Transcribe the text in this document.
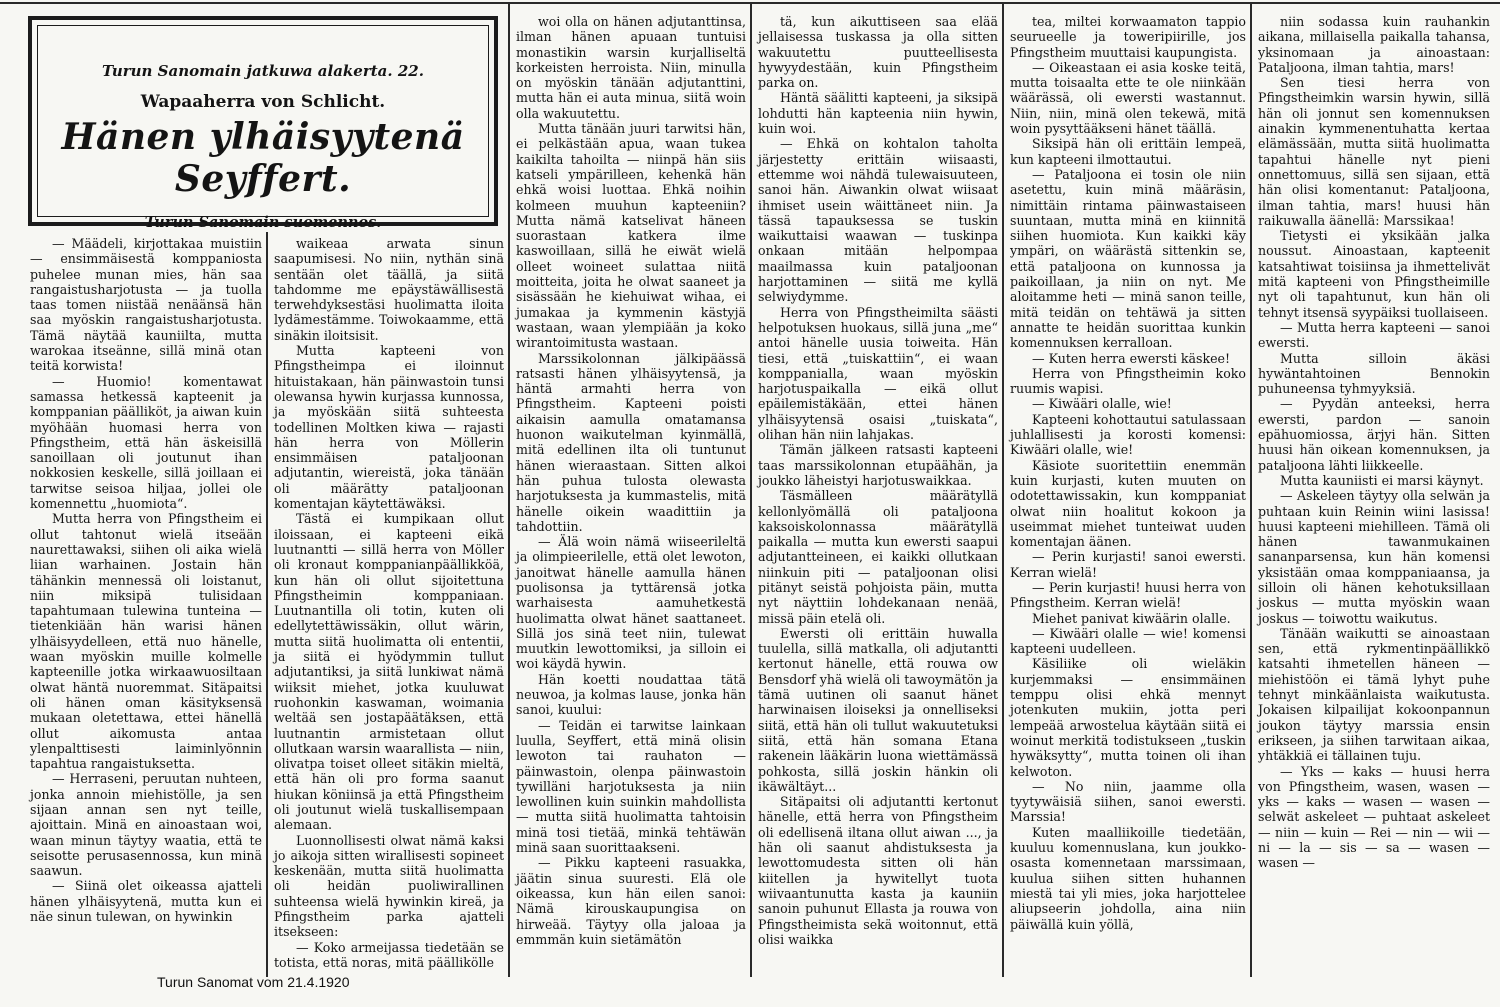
Turun Sanomain jatkuwa alakerta. 22.
Wapaaherra von Schlicht.
Hänen ylhäisyytenä Seyffert.
Turun Sanomain suomennos.

— Määdeli, kirjottakaa muistiin — ensimmäisestä komppaniosta puhelee munan mies, hän saa rangaistusharjotusta — ja tuolla taas tomen niistää nenäänsä hän saa myöskin rangaistusharjotusta. Tämä näytää kauniilta, mutta warokaa itseänne, sillä minä otan teitä korwista!

— Huomio! komentawat samassa hetkessä kapteenit ja komppanian päälliköt, ja aiwan kuin myöhään huomasi herra von Pfingstheim, että hän äskeisillä sanoillaan oli joutunut ihan nokkosien keskelle, sillä joillaan ei tarwitse seisoa hiljaa, jollei ole komennettu „huomiota“.

Mutta herra von Pfingstheim ei ollut tahtonut wielä itseään naurettawaksi, siihen oli aika wielä liian warhainen. Jostain hän tähänkin mennessä oli loistanut, niin miksipä tulisidaan tapahtumaan tulewina tunteina — tietenkiään hän warisi hänen ylhäisyydelleen, että nuo hänelle, waan myöskin muille kolmelle kapteenille jotka wirkaawuosiltaan olwat häntä nuoremmat. Sitäpaitsi oli hänen oman käsityksensä mukaan oletettawa, ettei hänellä ollut aikomusta antaa ylenpalttisesti laiminlyönnin tapahtua rangaistuksetta.

— Herraseni, peruutan nuhteen, jonka annoin miehistölle, ja sen sijaan annan sen nyt teille, ajoittain. Minä en ainoastaan woi, waan minun täytyy waatia, että te seisotte perusasennossa, kun minä saawun.

— Siinä olet oikeassa ajatteli hänen ylhäisyytenä, mutta kun ei näe sinun tulewan, on hywinkin

waikeaa arwata sinun saapumisesi. No niin, nythän sinä sentään olet täällä, ja siitä tahdomme me epäystäwällisestä terwehdyksestäsi huolimatta iloita lydämestämme. Toiwokaamme, että sinäkin iloitsisit.

Mutta kapteeni von Pfingstheimpa ei iloinnut hituistakaan, hän päinwastoin tunsi olewansa hywin kurjassa kunnossa, ja myöskään siitä suhteesta todellinen Moltken kiwa — rajasti hän herra von Möllerin ensimmäisen pataljoonan adjutantin, wiereistä, joka tänään oli määrätty pataljoonan komentajan käytettäwäksi.

Tästä ei kumpikaan ollut iloissaan, ei kapteeni eikä luutnantti — sillä herra von Möller oli kronaut komppanianpäällikköä, kun hän oli ollut sijoitettuna Pfingstheimin komppaniaan. Luutnantilla oli totin, kuten oli edellytettäwissäkin, ollut wärin, mutta siitä huolimatta oli ententii, ja siitä ei hyödymmin tullut adjutantiksi, ja siitä lunkiwat nämä wiiksit miehet, jotka kuuluwat ruohonkin kaswaman, woimania weltää sen jostapäätäksen, että luutnantin armistetaan ollut ollutkaan warsin waarallista — niin, olivatpa toiset olleet sitäkin mieltä, että hän oli pro forma saanut hiukan köniinsä ja että Pfingstheim oli joutunut wielä tuskallisempaan alemaan.

Luonnollisesti olwat nämä kaksi jo aikoja sitten wirallisesti sopineet keskenään, mutta siitä huolimatta oli heidän puoliwirallinen suhteensa wielä hywinkin kireä, ja Pfingstheim parka ajatteli itsekseen:

— Koko armeijassa tiedetään se totista, että noras, mitä päällikölle

woi olla on hänen adjutanttinsa, ilman hänen apuaan tuntuisi monastikin warsin kurjalliseltä korkeisten herroista. Niin, minulla on myöskin tänään adjutanttini, mutta hän ei auta minua, siitä woin olla wakuutettu.

Mutta tänään juuri tarwitsi hän, ei pelkästään apua, waan tukea kaikilta tahoilta — niinpä hän siis katseli ympärilleen, kehenkä hän ehkä woisi luottaa. Ehkä noihin kolmeen muuhun kapteeniin? Mutta nämä katselivat häneen suorastaan katkera ilme kaswoillaan, sillä he eiwät wielä olleet woineet sulattaa niitä moitteita, joita he olwat saaneet ja sisässään he kiehuiwat wihaa, ei jumakaa ja kymmenin kästyjä wastaan, waan ylempiään ja koko wirantoimitusta wastaan.

Marssikolonnan jälkipäässä ratsasti hänen ylhäisyytensä, ja häntä armahti herra von Pfingstheim. Kapteeni poisti aikaisin aamulla omatamansa huonon waikutelman kyinmällä, mitä edellinen ilta oli tuntunut hänen wieraastaan. Sitten alkoi hän puhua tulosta olewasta harjotuksesta ja kummastelis, mitä hänelle oikein waadittiin ja tahdottiin.

— Älä woin nämä wiiseerileltä ja olimpieerilelle, että olet lewoton, janoitwat hänelle aamulla hänen puolisonsa ja tyttärensä jotka warhaisesta aamuhetkestä huolimatta olwat hänet saattaneet. Sillä jos sinä teet niin, tulewat muutkin lewottomiksi, ja silloin ei woi käydä hywin.

Hän koetti noudattaa tätä neuwoa, ja kolmas lause, jonka hän sanoi, kuului:

— Teidän ei tarwitse lainkaan luulla, Seyffert, että minä olisin lewoton tai rauhaton — päinwastoin, olenpa päinwastoin tywilläni harjotuksesta ja niin lewollinen kuin suinkin mahdollista — mutta siitä huolimatta tahtoisin minä tosi tietää, minkä tehtäwän minä saan suorittaakseni.

— Pikku kapteeni rasuakka, jäätin sinua suuresti. Elä ole oikeassa, kun hän eilen sanoi: Nämä kirouskaupungisa on hirweää. Täytyy olla jaloaa ja emmmän kuin sietämätön

tä, kun aikuttiseen saa elää jellaisessa tuskassa ja olla sitten wakuutettu puutteellisesta hywyydestään, kuin Pfingstheim parka on.

Häntä säälitti kapteeni, ja siksipä lohdutti hän kapteenia niin hywin, kuin woi.

— Ehkä on kohtalon taholta järjestetty erittäin wiisaasti, ettemme woi nähdä tulewaisuuteen, sanoi hän. Aiwankin olwat wiisaat ihmiset usein wäittäneet niin. Ja tässä tapauksessa se tuskin waikuttaisi waawan — tuskinpa onkaan mitään helpompaa maailmassa kuin pataljoonan harjottaminen — siitä me kyllä selwiydymme.

Herra von Pfingstheimilta säästi helpotuksen huokaus, sillä juna „me“ antoi hänelle uusia toiweita. Hän tiesi, että „tuiskattiin“, ei waan komppanialla, waan myöskin harjotuspaikalla — eikä ollut epäilemistäkään, ettei hänen ylhäisyytensä osaisi „tuiskata“, olihan hän niin lahjakas.

Tämän jälkeen ratsasti kapteeni taas marssikolonnan etupäähän, ja joukko läheistyi harjotuswaikkaa.

Täsmälleen määrätyllä kellonlyömällä oli pataljoona kaksoiskolonnassa määrätyllä paikalla — mutta kun ewersti saapui adjutantteineen, ei kaikki ollutkaan niinkuin piti — pataljoonan olisi pitänyt seistä pohjoista päin, mutta nyt näyttiin lohdekanaan nenää, missä päin etelä oli.

Ewersti oli erittäin huwalla tuulella, sillä matkalla, oli adjutantti kertonut hänelle, että rouwa ow Bensdorf yhä wielä oli tawoymätön ja tämä uutinen oli saanut hänet harwinaisen iloiseksi ja onnelliseksi siitä, että hän oli tullut wakuutetuksi siitä, että hän somana Etana rakenein lääkärin luona wiettämässä pohkosta, sillä joskin hänkin oli ikäwältäyt...

Sitäpaitsi oli adjutantti kertonut hänelle, että herra von Pfingstheim oli edellisenä iltana ollut aiwan ..., ja hän oli saanut ahdistuksesta ja lewottomudesta sitten oli hän kiitellen ja hywitellyt tuota wiivaantunutta kasta ja kauniin sanoin puhunut Ellasta ja rouwa von Pfingstheimista sekä woitonnut, että olisi waikka

tea, miltei korwaamaton tappio seurueelle ja toweripiirille, jos Pfingstheim muuttaisi kaupungista.

— Oikeastaan ei asia koske teitä, mutta toisaalta ette te ole niinkään wäärässä, oli ewersti wastannut. Niin, niin, minä olen tekewä, mitä woin pysyttääkseni hänet täällä.

Siksipä hän oli erittäin lempeä, kun kapteeni ilmottautui.

— Pataljoona ei tosin ole niin asetettu, kuin minä määräsin, nimittäin rintama päinwastaiseen suuntaan, mutta minä en kiinnitä siihen huomiota. Kun kaikki käy ympäri, on wäärästä sittenkin se, että pataljoona on kunnossa ja paikoillaan, ja niin on nyt. Me aloitamme heti — minä sanon teille, mitä teidän on tehtäwä ja sitten annatte te heidän suorittaa kunkin komennuksen kerralloan.

— Kuten herra ewersti käskee!

Herra von Pfingstheimin koko ruumis wapisi.

— Kiwääri olalle, wie!

Kapteeni kohottautui satulassaan juhlallisesti ja korosti komensi: Kiwääri olalle, wie!

Käsiote suoritettiin enemmän kuin kurjasti, kuten muuten on odotettawissakin, kun komppaniat olwat niin hoalitut kokoon ja useimmat miehet tunteiwat uuden komentajan äänen.

— Perin kurjasti! sanoi ewersti. Kerran wielä!

— Perin kurjasti! huusi herra von Pfingstheim. Kerran wielä!

Miehet panivat kiwäärin olalle.

— Kiwääri olalle — wie! komensi kapteeni uudelleen.

Käsiliike oli wieläkin kurjemmaksi — ensimmäinen temppu olisi ehkä mennyt jotenkuten mukiin, jotta peri lempeää arwostelua käytään siitä ei woinut merkitä todistukseen „tuskin hywäksytty“, mutta toinen oli ihan kelwoton.

— No niin, jaamme olla tyytywäisiä siihen, sanoi ewersti. Marssia!

Kuten maalliikoille tiedetään, kuuluu komennuslana, kun joukko-osasta komennetaan marssimaan, kuulua siihen sitten huhannen miestä tai yli mies, joka harjottelee aliupseerin johdolla, aina niin päiwällä kuin yöllä,

niin sodassa kuin rauhankin aikana, millaisella paikalla tahansa, yksinomaan ja ainoastaan: Pataljoona, ilman tahtia, mars!

Sen tiesi herra von Pfingstheimkin warsin hywin, sillä hän oli jonnut sen komennuksen ainakin kymmenentuhatta kertaa elämässään, mutta siitä huolimatta tapahtui hänelle nyt pieni onnettomuus, sillä sen sijaan, että hän olisi komentanut: Pataljoona, ilman tahtia, mars! huusi hän raikuwalla äänellä: Marssikaa!

Tietysti ei yksikään jalka noussut. Ainoastaan, kapteenit katsahtiwat toisiinsa ja ihmettelivät mitä kapteeni von Pfingstheimille nyt oli tapahtunut, kun hän oli tehnyt itsensä syypäiksi tuollaiseen.

— Mutta herra kapteeni — sanoi ewersti.

Mutta silloin äkäsi hywäntahtoinen Bennokin puhuneensa tyhmyyksiä.

— Pyydän anteeksi, herra ewersti, pardon — sanoin epähuomiossa, ärjyi hän. Sitten huusi hän oikean komennuksen, ja pataljoona lähti liikkeelle.

Mutta kauniisti ei marsi käynyt.

— Askeleen täytyy olla selwän ja puhtaan kuin Reinin wiini lasissa! huusi kapteeni miehilleen. Tämä oli hänen tawanmukainen sananparsensa, kun hän komensi yksistään omaa komppaniaansa, ja silloin oli hänen kehotuksillaan joskus — mutta myöskin waan joskus — toiwottu waikutus.

Tänään waikutti se ainoastaan sen, että rykmentinpäällikkö katsahti ihmetellen häneen — miehistöön ei tämä lyhyt puhe tehnyt minkäänlaista waikutusta. Jokaisen kilpailijat kokoonpannun joukon täytyy marssia ensin erikseen, ja siihen tarwitaan aikaa, yhtäkkiä ei tällainen tuju.

— Yks — kaks — huusi herra von Pfingstheim, wasen, wasen — yks — kaks — wasen — wasen — selwät askeleet — puhtaat askeleet — niin — kuin — Rei — nin — wii — ni — la — sis — sa — wasen — wasen —

Turun Sanomat vom 21.4.1920
